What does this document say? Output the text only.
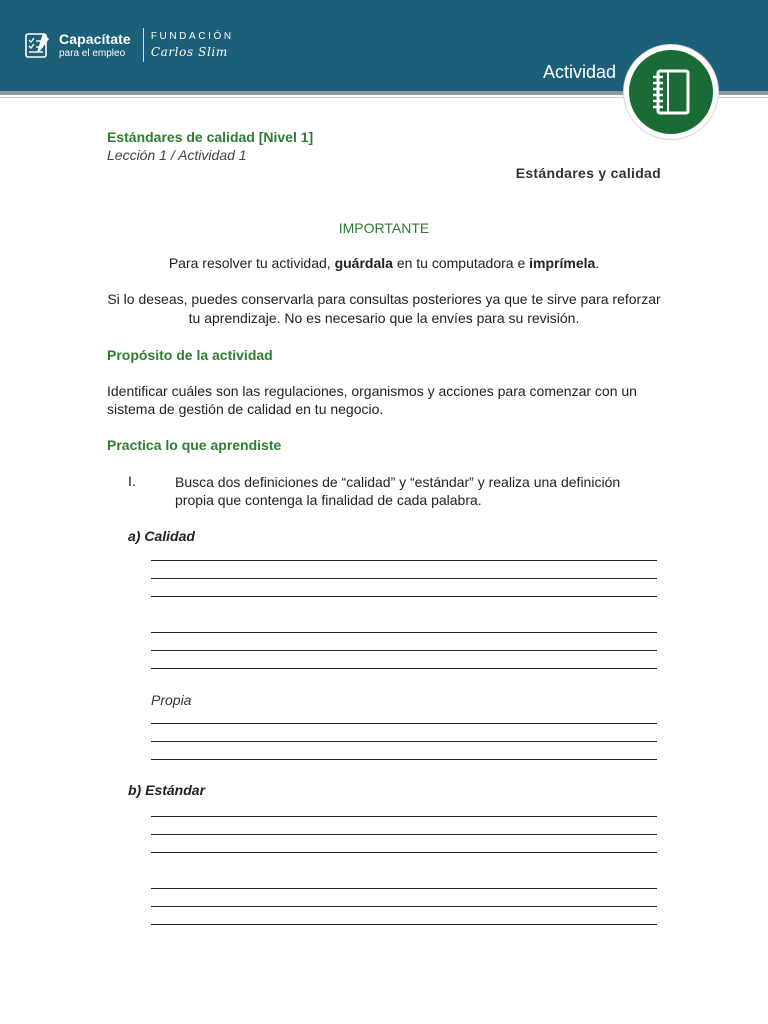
Capacítate
para el empleo
FUNDACIÓN
Carlos Slim
Actividad
Estándares de calidad [Nivel 1]
Lección 1 / Actividad 1
Estándares y calidad
IMPORTANTE
Para resolver tu actividad, guárdala en tu computadora e imprímela.
Si lo deseas, puedes conservarla para consultas posteriores ya que te sirve para reforzar tu aprendizaje. No es necesario que la envíes para su revisión.
Propósito de la actividad
Identificar cuáles son las regulaciones, organismos y acciones para comenzar con un sistema de gestión de calidad en tu negocio.
Practica lo que aprendiste
I.	Busca dos definiciones de “calidad” y “estándar” y realiza una definición propia que contenga la finalidad de cada palabra.
a) Calidad
Propia
b) Estándar
